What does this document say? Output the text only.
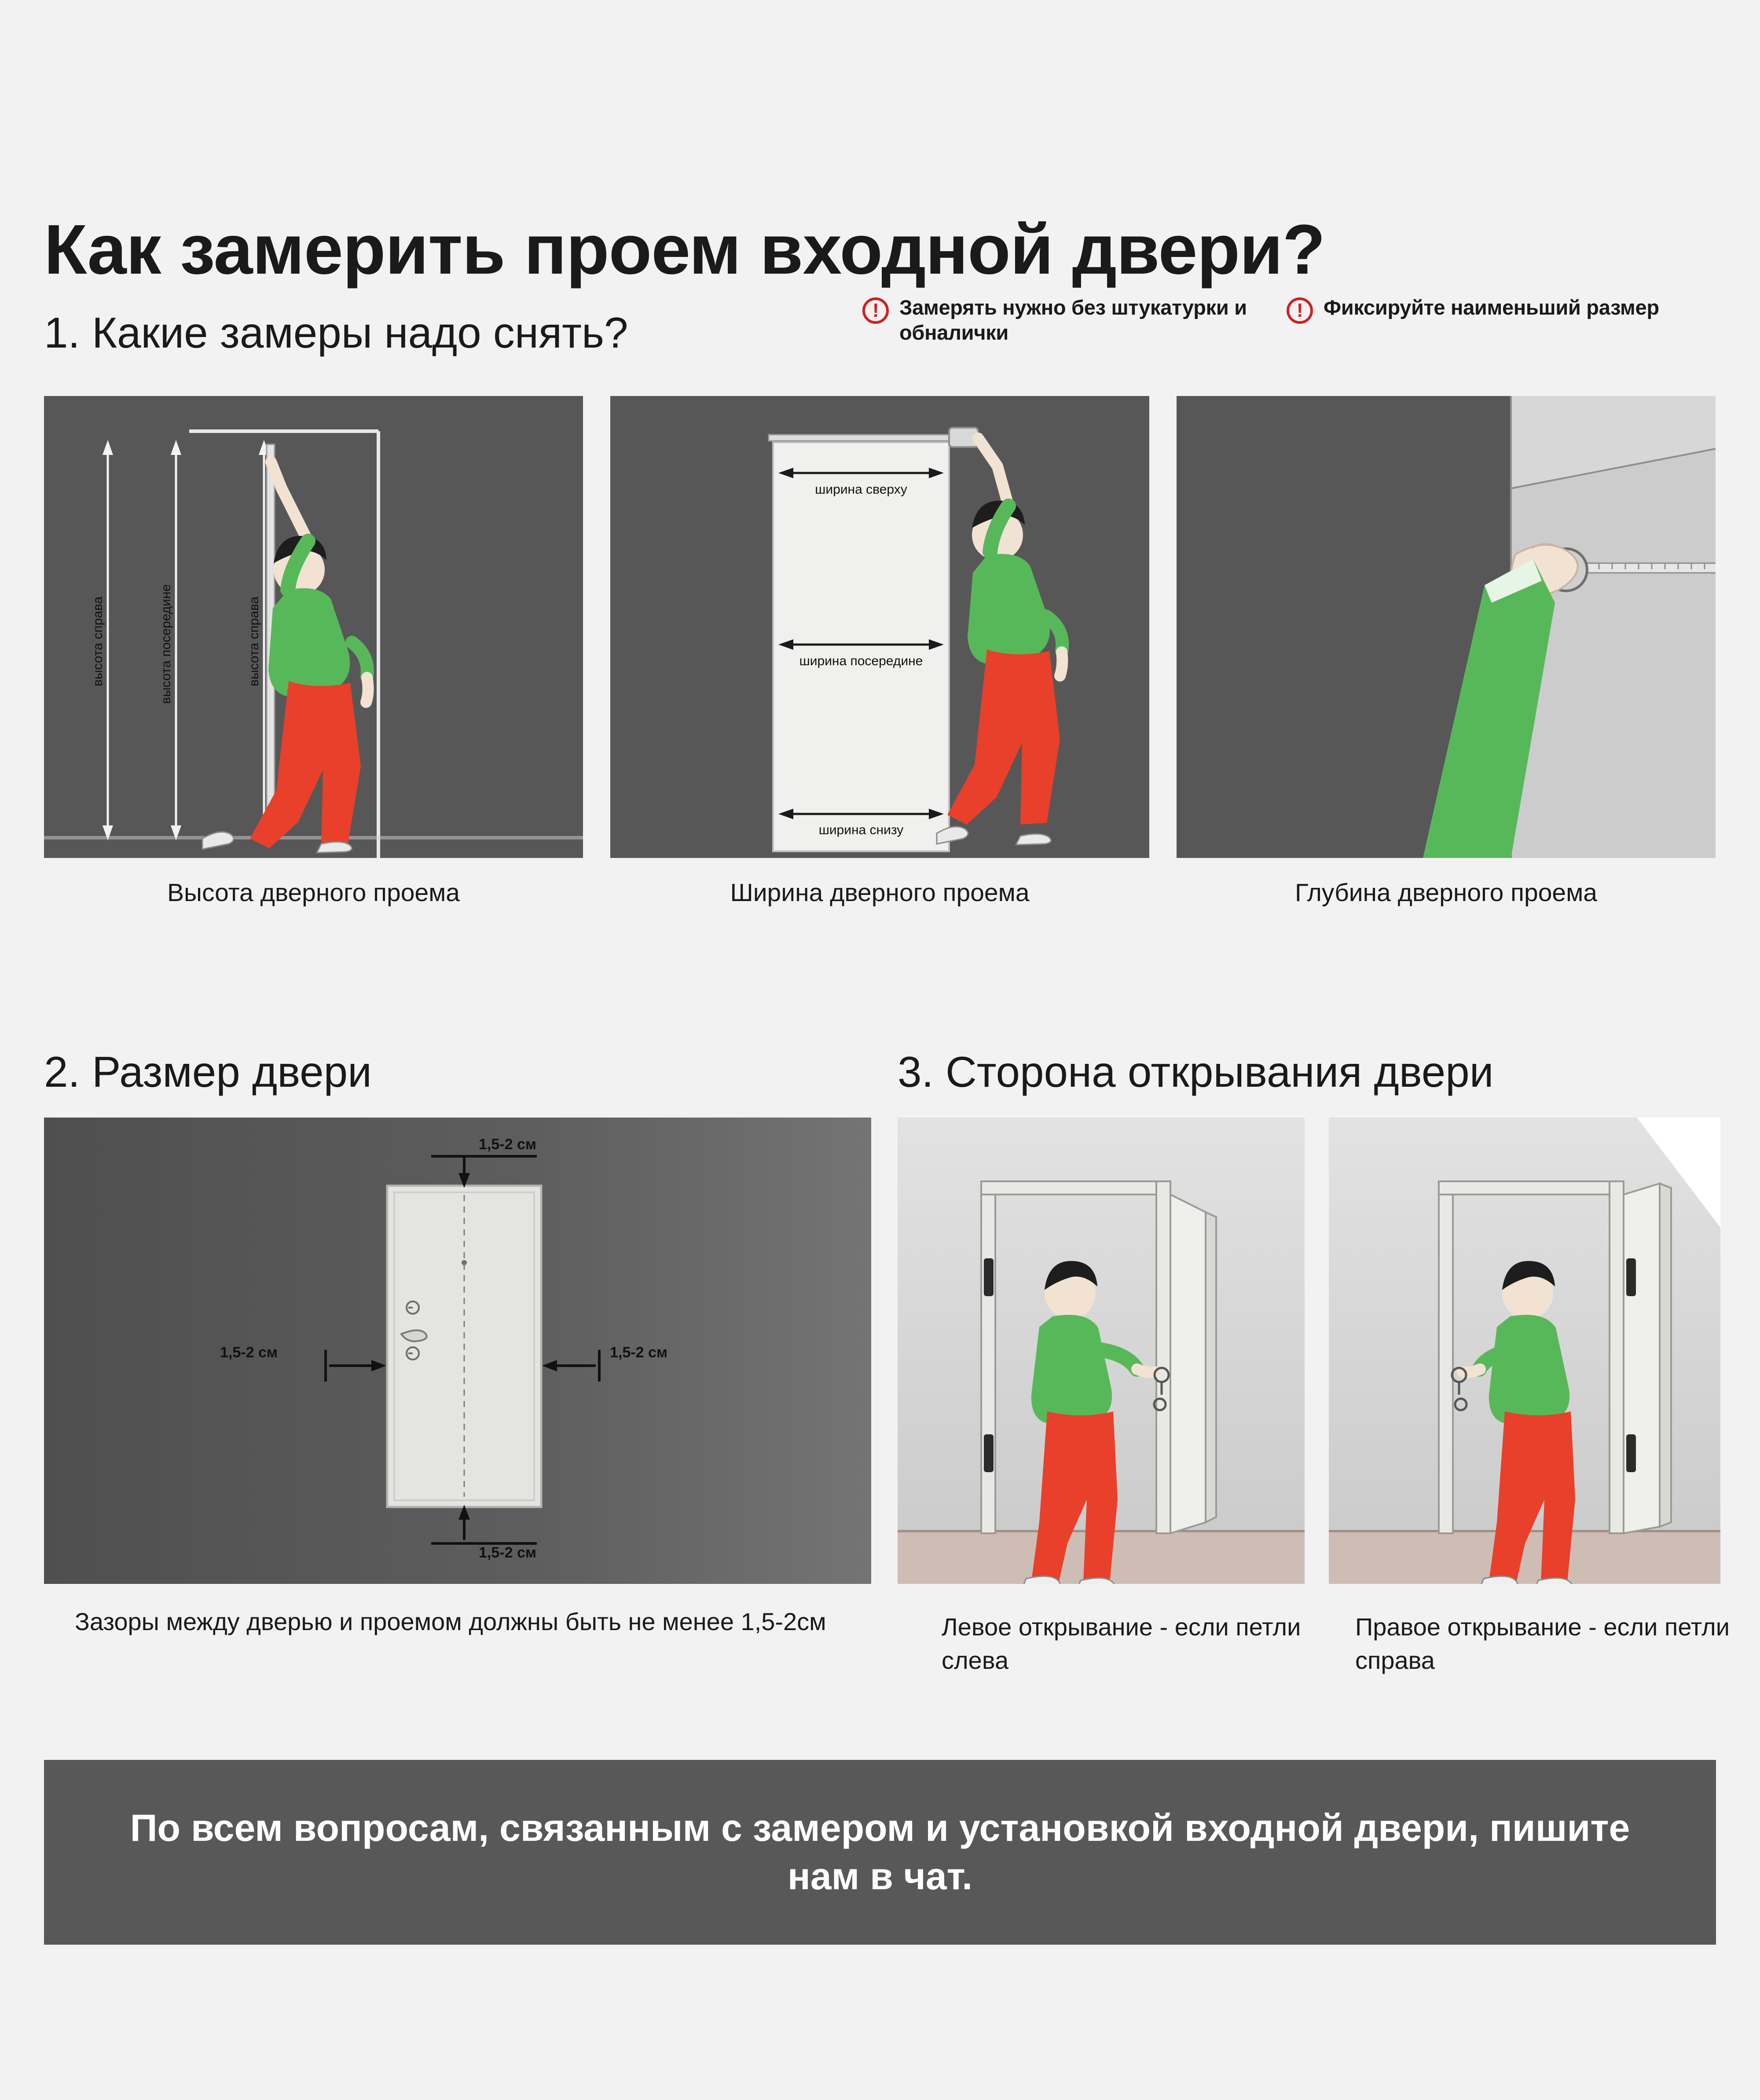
Как замерить проем входной двери?
1. Какие замеры надо снять?	! Замерять нужно без штукатурки и обналички
! Фиксируйте наименьший размер
высота справа	высота посередине	высота справа
Высота дверного проема
ширина сверху
ширина посередине
ширина снизу
Ширина дверного проема	Глубина дверного проема
2. Размер двери
1,5-2 см
1,5-2 см	1,5-2 см
1,5-2 см
Зазоры между дверью и проемом должны быть не менее 1,5-2см
3. Сторона открывания двери
Левое открывание - если петли слева
Правое открывание - если петли справа
По всем вопросам, связанным с замером и установкой входной двери, пишите нам в чат.
